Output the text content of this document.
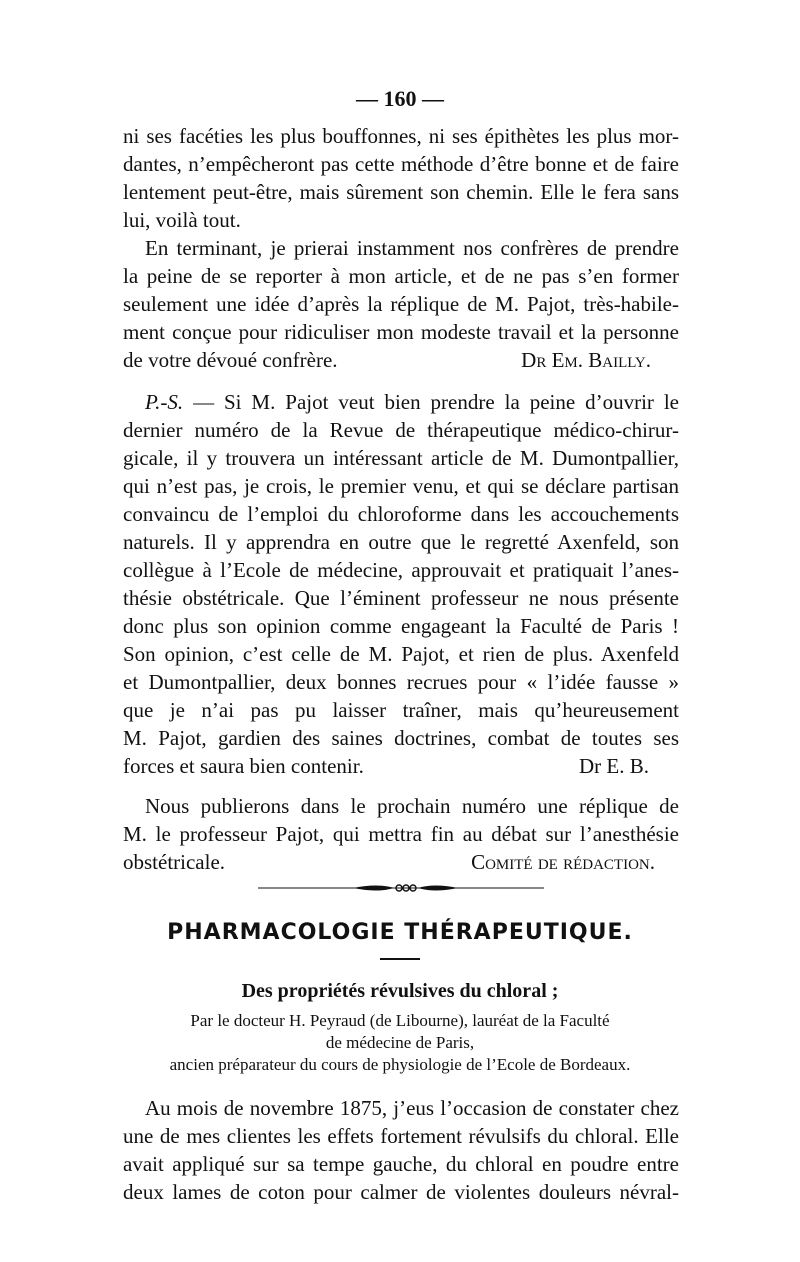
— 160 —
ni ses facéties les plus bouffonnes, ni ses épithètes les plus mor-
dantes, n’empêcheront pas cette méthode d’être bonne et de faire
lentement peut-être, mais sûrement son chemin. Elle le fera sans
lui, voilà tout.
En terminant, je prierai instamment nos confrères de prendre
la peine de se reporter à mon article, et de ne pas s’en former
seulement une idée d’après la réplique de M. Pajot, très-habile-
ment conçue pour ridiculiser mon modeste travail et la personne
de votre dévoué confrère.	Dr Em. Bailly.
P.-S. — Si M. Pajot veut bien prendre la peine d’ouvrir le
dernier numéro de la Revue de thérapeutique médico-chirur-
gicale, il y trouvera un intéressant article de M. Dumontpallier,
qui n’est pas, je crois, le premier venu, et qui se déclare partisan
convaincu de l’emploi du chloroforme dans les accouchements
naturels. Il y apprendra en outre que le regretté Axenfeld, son
collègue à l’Ecole de médecine, approuvait et pratiquait l’anes-
thésie obstétricale. Que l’éminent professeur ne nous présente
donc plus son opinion comme engageant la Faculté de Paris !
Son opinion, c’est celle de M. Pajot, et rien de plus. Axenfeld
et Dumontpallier, deux bonnes recrues pour « l’idée fausse »
que je n’ai pas pu laisser traîner, mais qu’heureusement
M. Pajot, gardien des saines doctrines, combat de toutes ses
forces et saura bien contenir.	Dr E. B.
Nous publierons dans le prochain numéro une réplique de
M. le professeur Pajot, qui mettra fin au débat sur l’anesthésie
obstétricale.	Comité de rédaction.
PHARMACOLOGIE THÉRAPEUTIQUE.
Des propriétés révulsives du chloral ;
Par le docteur H. Peyraud (de Libourne), lauréat de la Faculté
de médecine de Paris,
ancien préparateur du cours de physiologie de l’Ecole de Bordeaux.
Au mois de novembre 1875, j’eus l’occasion de constater chez
une de mes clientes les effets fortement révulsifs du chloral. Elle
avait appliqué sur sa tempe gauche, du chloral en poudre entre
deux lames de coton pour calmer de violentes douleurs névral-
